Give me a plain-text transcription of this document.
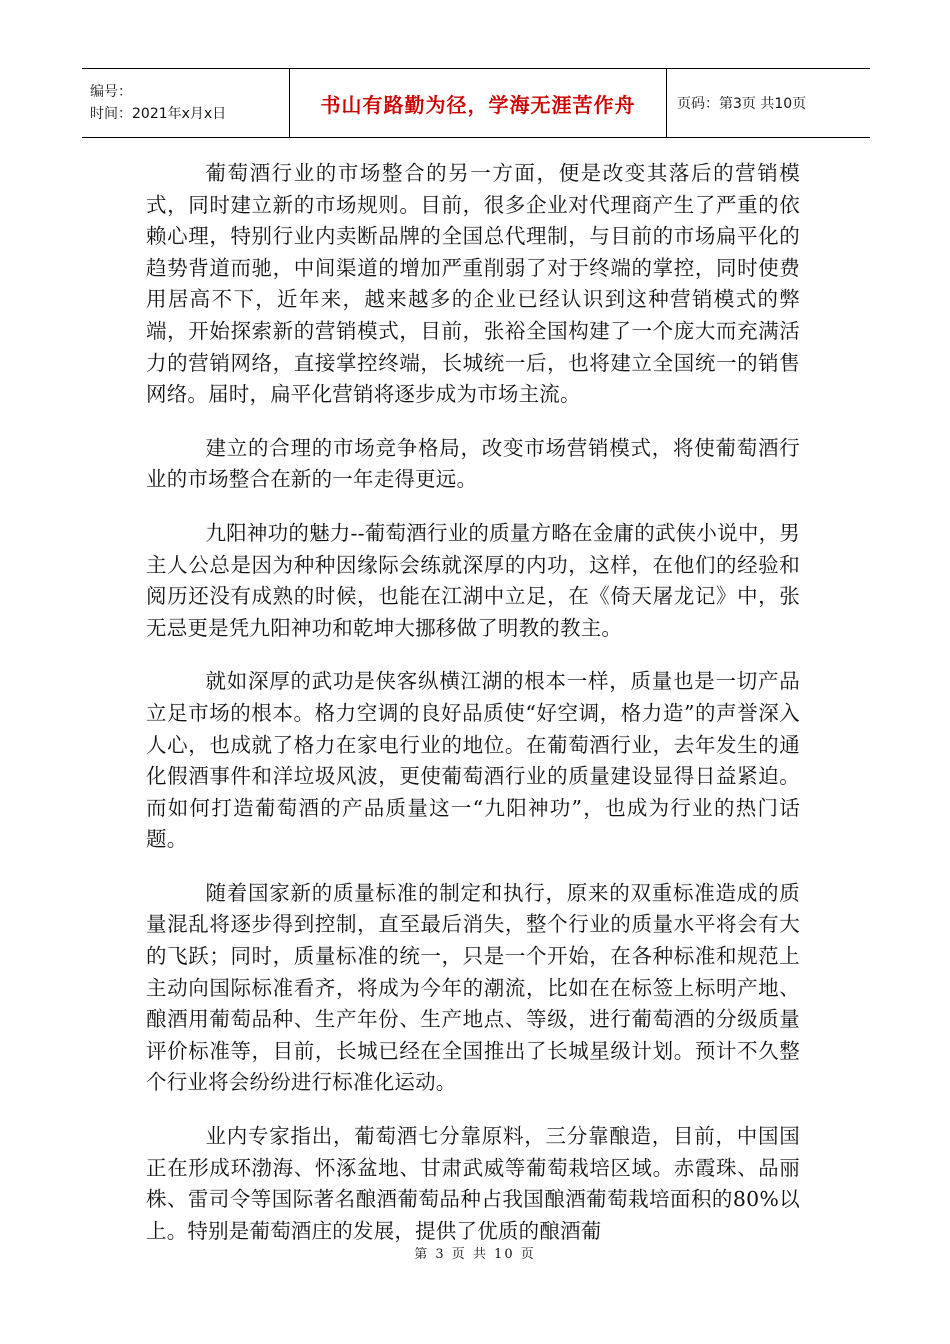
编号：
时间：2021年x月x日	书山有路勤为径，学海无涯苦作舟	页码：第3页 共10页

葡萄酒行业的市场整合的另一方面，便是改变其落后的营销模式，同时建立新的市场规则。目前，很多企业对代理商产生了严重的依赖心理，特别行业内卖断品牌的全国总代理制，与目前的市场扁平化的趋势背道而驰，中间渠道的增加严重削弱了对于终端的掌控，同时使费用居高不下，近年来，越来越多的企业已经认识到这种营销模式的弊端，开始探索新的营销模式，目前，张裕全国构建了一个庞大而充满活力的营销网络，直接掌控终端，长城统一后，也将建立全国统一的销售网络。届时，扁平化营销将逐步成为市场主流。

建立的合理的市场竞争格局，改变市场营销模式，将使葡萄酒行业的市场整合在新的一年走得更远。

九阳神功的魅力--葡萄酒行业的质量方略在金庸的武侠小说中，男主人公总是因为种种因缘际会练就深厚的内功，这样，在他们的经验和阅历还没有成熟的时候，也能在江湖中立足，在《倚天屠龙记》中，张无忌更是凭九阳神功和乾坤大挪移做了明教的教主。

就如深厚的武功是侠客纵横江湖的根本一样，质量也是一切产品立足市场的根本。格力空调的良好品质使“好空调，格力造”的声誉深入人心，也成就了格力在家电行业的地位。在葡萄酒行业，去年发生的通化假酒事件和洋垃圾风波，更使葡萄酒行业的质量建设显得日益紧迫。而如何打造葡萄酒的产品质量这一“九阳神功”，也成为行业的热门话题。

随着国家新的质量标准的制定和执行，原来的双重标准造成的质量混乱将逐步得到控制，直至最后消失，整个行业的质量水平将会有大的飞跃；同时，质量标准的统一，只是一个开始，在各种标准和规范上主动向国际标准看齐，将成为今年的潮流，比如在在标签上标明产地、酿酒用葡萄品种、生产年份、生产地点、等级，进行葡萄酒的分级质量评价标准等，目前，长城已经在全国推出了长城星级计划。预计不久整个行业将会纷纷进行标准化运动。

业内专家指出，葡萄酒七分靠原料，三分靠酿造，目前，中国国正在形成环渤海、怀涿盆地、甘肃武威等葡萄栽培区域。赤霞珠、品丽株、雷司令等国际著名酿酒葡萄品种占我国酿酒葡萄栽培面积的80%以上。特别是葡萄酒庄的发展，提供了优质的酿酒葡

第 3 页 共 10 页
